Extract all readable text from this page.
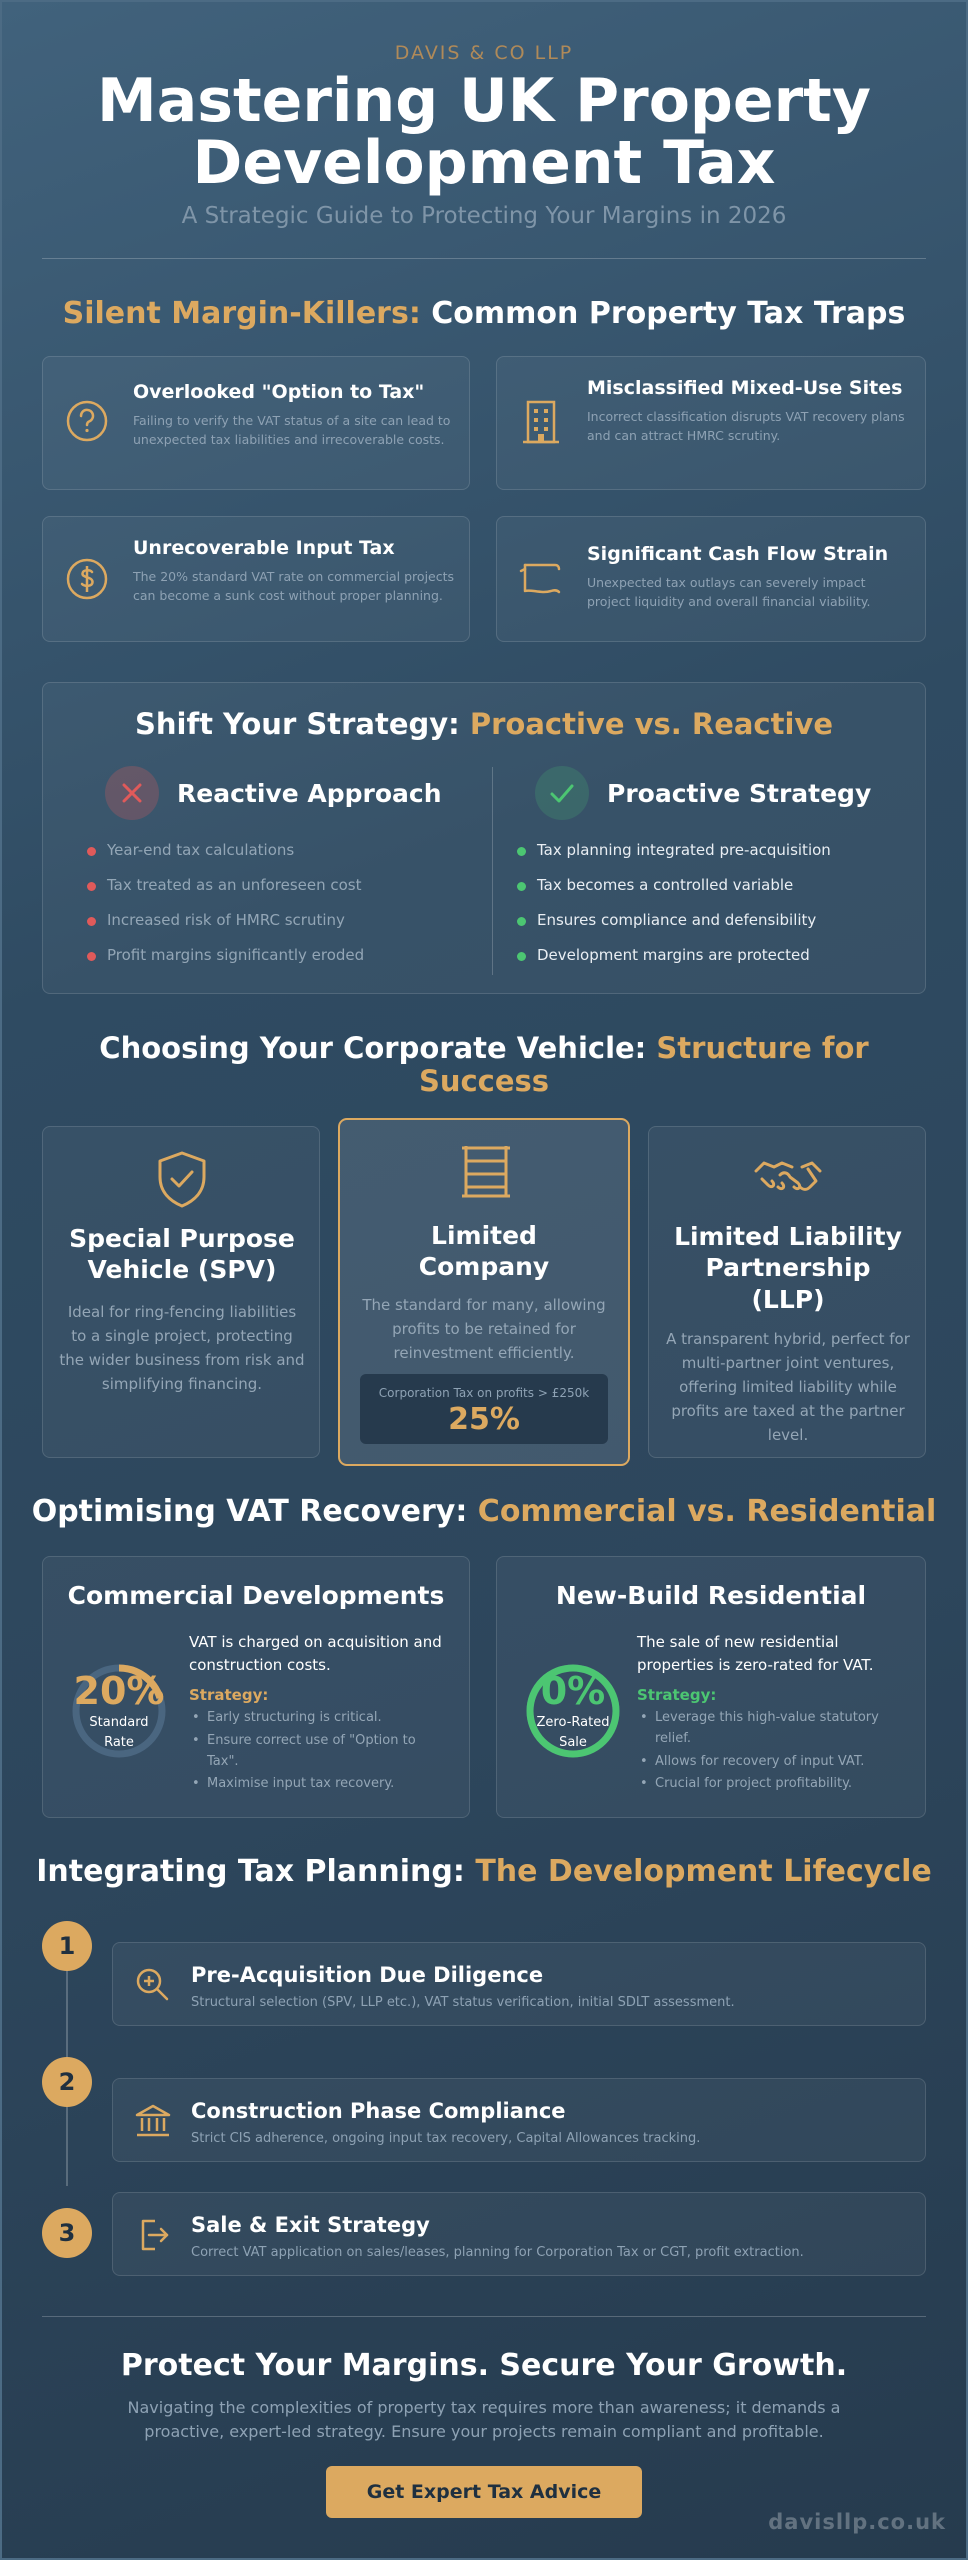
DAVIS & CO LLP
Mastering UK Property
Development Tax
A Strategic Guide to Protecting Your Margins in 2026
Silent Margin-Killers: Common Property Tax Traps
Overlooked "Option to Tax"
Failing to verify the VAT status of a site can lead to unexpected tax liabilities and irrecoverable costs.
Misclassified Mixed-Use Sites
Incorrect classification disrupts VAT recovery plans and can attract HMRC scrutiny.
Unrecoverable Input Tax
The 20% standard VAT rate on commercial projects can become a sunk cost without proper planning.
Significant Cash Flow Strain
Unexpected tax outlays can severely impact project liquidity and overall financial viability.
Shift Your Strategy: Proactive vs. Reactive
Reactive Approach
Year-end tax calculations
Tax treated as an unforeseen cost
Increased risk of HMRC scrutiny
Profit margins significantly eroded
Proactive Strategy
Tax planning integrated pre-acquisition
Tax becomes a controlled variable
Ensures compliance and defensibility
Development margins are protected
Choosing Your Corporate Vehicle: Structure for
Success
Special Purpose
Vehicle (SPV)
Ideal for ring-fencing liabilities to a single project, protecting the wider business from risk and simplifying financing.
Limited
Company
The standard for many, allowing profits to be retained for reinvestment efficiently.
Corporation Tax on profits > £250k
25%
Limited Liability
Partnership
(LLP)
A transparent hybrid, perfect for multi-partner joint ventures, offering limited liability while profits are taxed at the partner level.
Optimising VAT Recovery: Commercial vs. Residential
Commercial Developments
20%
Standard
Rate
VAT is charged on acquisition and construction costs.
Strategy:
• Early structuring is critical.
• Ensure correct use of "Option to Tax".
• Maximise input tax recovery.
New-Build Residential
0%
Zero-Rated
Sale
The sale of new residential properties is zero-rated for VAT.
Strategy:
• Leverage this high-value statutory relief.
• Allows for recovery of input VAT.
• Crucial for project profitability.
Integrating Tax Planning: The Development Lifecycle
1
Pre-Acquisition Due Diligence
Structural selection (SPV, LLP etc.), VAT status verification, initial SDLT assessment.
2
Construction Phase Compliance
Strict CIS adherence, ongoing input tax recovery, Capital Allowances tracking.
3	Sale & Exit Strategy
Correct VAT application on sales/leases, planning for Corporation Tax or CGT, profit extraction.
Protect Your Margins. Secure Your Growth.
Navigating the complexities of property tax requires more than awareness; it demands a
proactive, expert-led strategy. Ensure your projects remain compliant and profitable.
Get Expert Tax Advice
davisllp.co.uk
